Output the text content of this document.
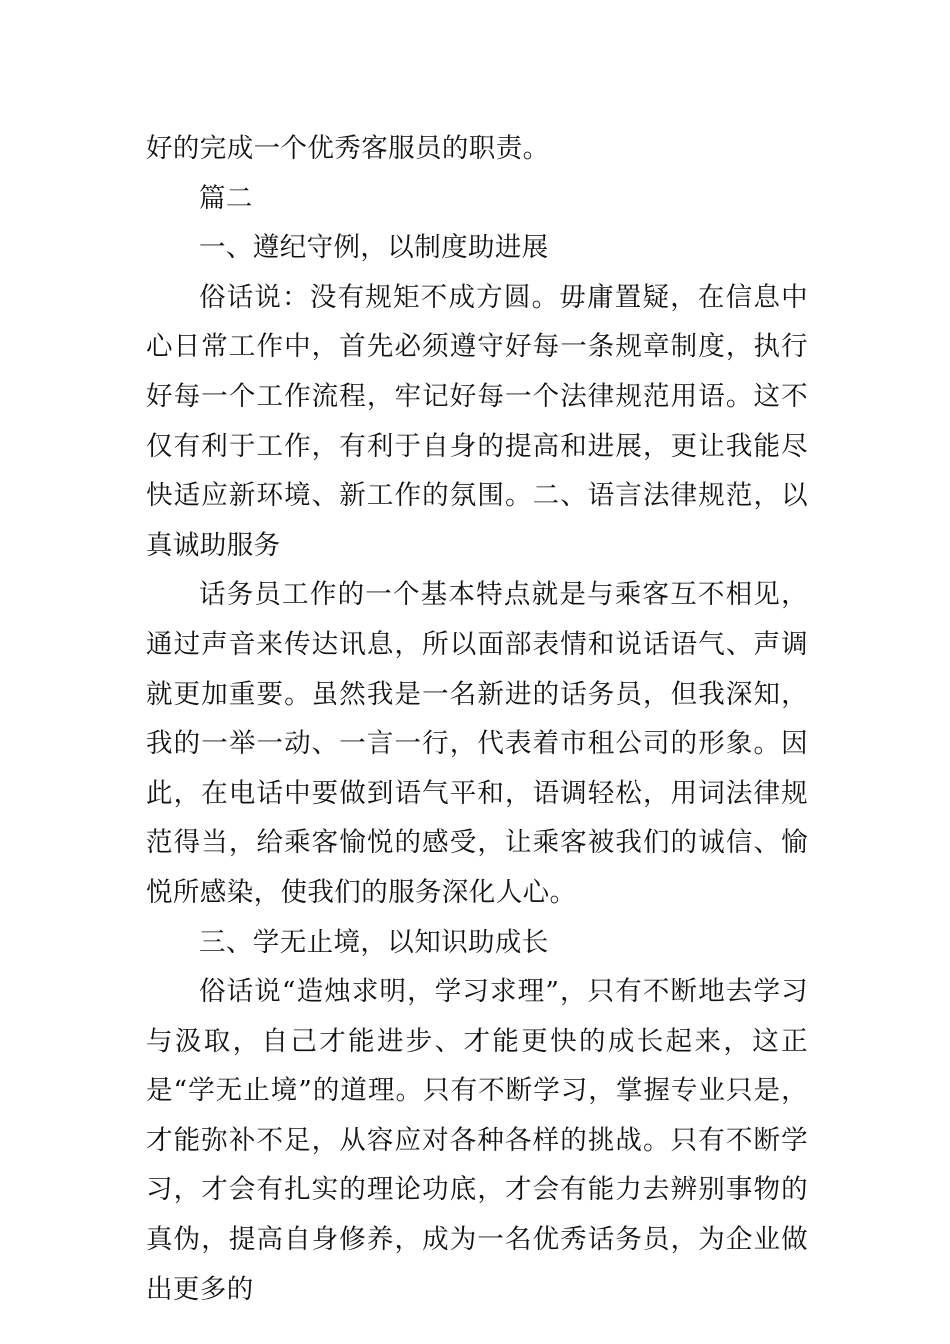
好的完成一个优秀客服员的职责。

篇二

一、遵纪守例，以制度助进展

俗话说：没有规矩不成方圆。毋庸置疑，在信息中心日常工作中，首先必须遵守好每一条规章制度，执行好每一个工作流程，牢记好每一个法律规范用语。这不仅有利于工作，有利于自身的提高和进展，更让我能尽快适应新环境、新工作的氛围。二、语言法律规范，以真诚助服务

话务员工作的一个基本特点就是与乘客互不相见，通过声音来传达讯息，所以面部表情和说话语气、声调就更加重要。虽然我是一名新进的话务员，但我深知，我的一举一动、一言一行，代表着市租公司的形象。因此，在电话中要做到语气平和，语调轻松，用词法律规范得当，给乘客愉悦的感受，让乘客被我们的诚信、愉悦所感染，使我们的服务深化人心。

三、学无止境，以知识助成长

俗话说“造烛求明，学习求理”，只有不断地去学习与汲取，自己才能进步、才能更快的成长起来，这正是“学无止境”的道理。只有不断学习，掌握专业只是，才能弥补不足，从容应对各种各样的挑战。只有不断学习，才会有扎实的理论功底，才会有能力去辨别事物的真伪，提高自身修养，成为一名优秀话务员，为企业做出更多的
